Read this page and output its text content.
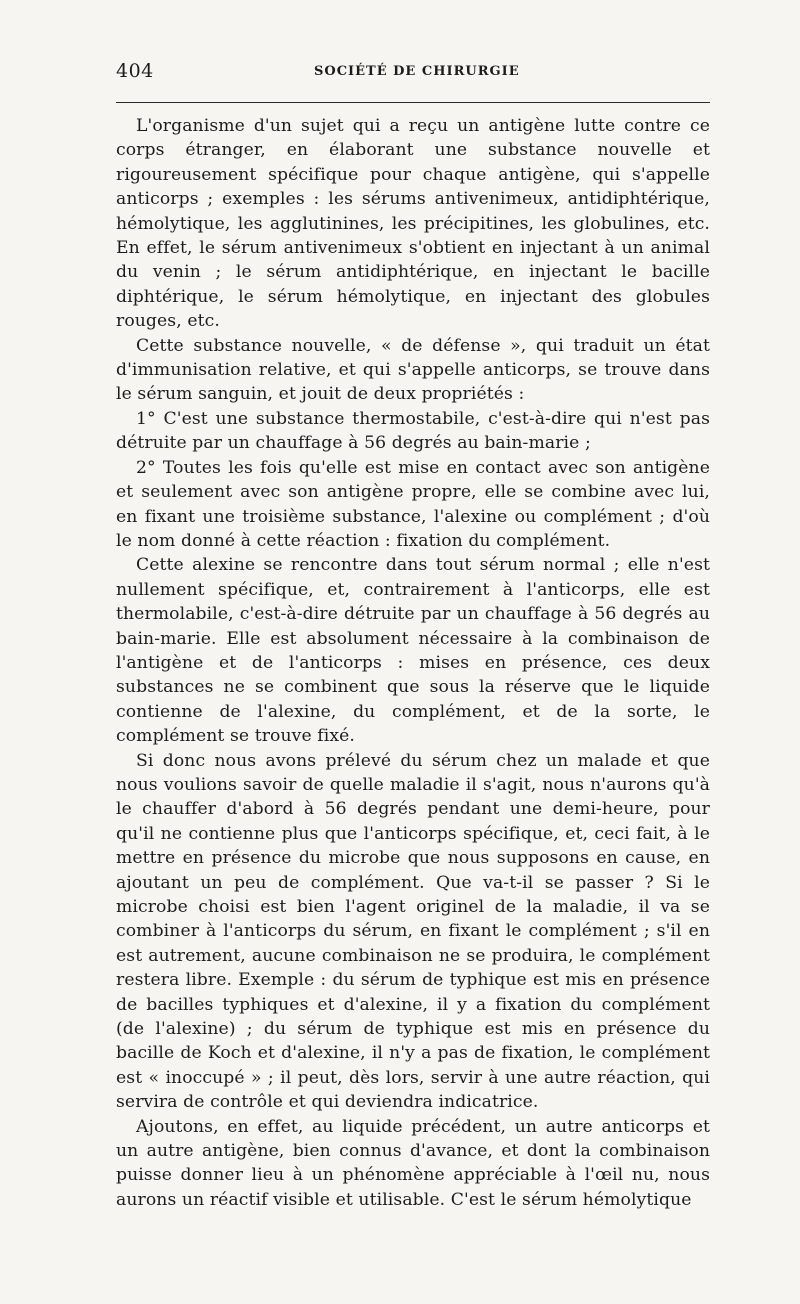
404	SOCIÉTÉ DE CHIRURGIE

L'organisme d'un sujet qui a reçu un antigène lutte contre ce corps étranger, en élaborant une substance nouvelle et rigoureusement spécifique pour chaque antigène, qui s'appelle anticorps ; exemples : les sérums antivenimeux, antidiphtérique, hémolytique, les agglutinines, les précipitines, les globulines, etc. En effet, le sérum antivenimeux s'obtient en injectant à un animal du venin ; le sérum antidiphtérique, en injectant le bacille diphtérique, le sérum hémolytique, en injectant des globules rouges, etc.

Cette substance nouvelle, « de défense », qui traduit un état d'immunisation relative, et qui s'appelle anticorps, se trouve dans le sérum sanguin, et jouit de deux propriétés :

1° C'est une substance thermostabile, c'est-à-dire qui n'est pas détruite par un chauffage à 56 degrés au bain-marie ;

2° Toutes les fois qu'elle est mise en contact avec son antigène et seulement avec son antigène propre, elle se combine avec lui, en fixant une troisième substance, l'alexine ou complément ; d'où le nom donné à cette réaction : fixation du complément.

Cette alexine se rencontre dans tout sérum normal ; elle n'est nullement spécifique, et, contrairement à l'anticorps, elle est thermolabile, c'est-à-dire détruite par un chauffage à 56 degrés au bain-marie. Elle est absolument nécessaire à la combinaison de l'antigène et de l'anticorps : mises en présence, ces deux substances ne se combinent que sous la réserve que le liquide contienne de l'alexine, du complément, et de la sorte, le complément se trouve fixé.

Si donc nous avons prélevé du sérum chez un malade et que nous voulions savoir de quelle maladie il s'agit, nous n'aurons qu'à le chauffer d'abord à 56 degrés pendant une demi-heure, pour qu'il ne contienne plus que l'anticorps spécifique, et, ceci fait, à le mettre en présence du microbe que nous supposons en cause, en ajoutant un peu de complément. Que va-t-il se passer ? Si le microbe choisi est bien l'agent originel de la maladie, il va se combiner à l'anticorps du sérum, en fixant le complément ; s'il en est autrement, aucune combinaison ne se produira, le complément restera libre. Exemple : du sérum de typhique est mis en présence de bacilles typhiques et d'alexine, il y a fixation du complément (de l'alexine) ; du sérum de typhique est mis en présence du bacille de Koch et d'alexine, il n'y a pas de fixation, le complément est « inoccupé » ; il peut, dès lors, servir à une autre réaction, qui servira de contrôle et qui deviendra indicatrice.

Ajoutons, en effet, au liquide précédent, un autre anticorps et un autre antigène, bien connus d'avance, et dont la combinaison puisse donner lieu à un phénomène appréciable à l'œil nu, nous aurons un réactif visible et utilisable. C'est le sérum hémolytique
